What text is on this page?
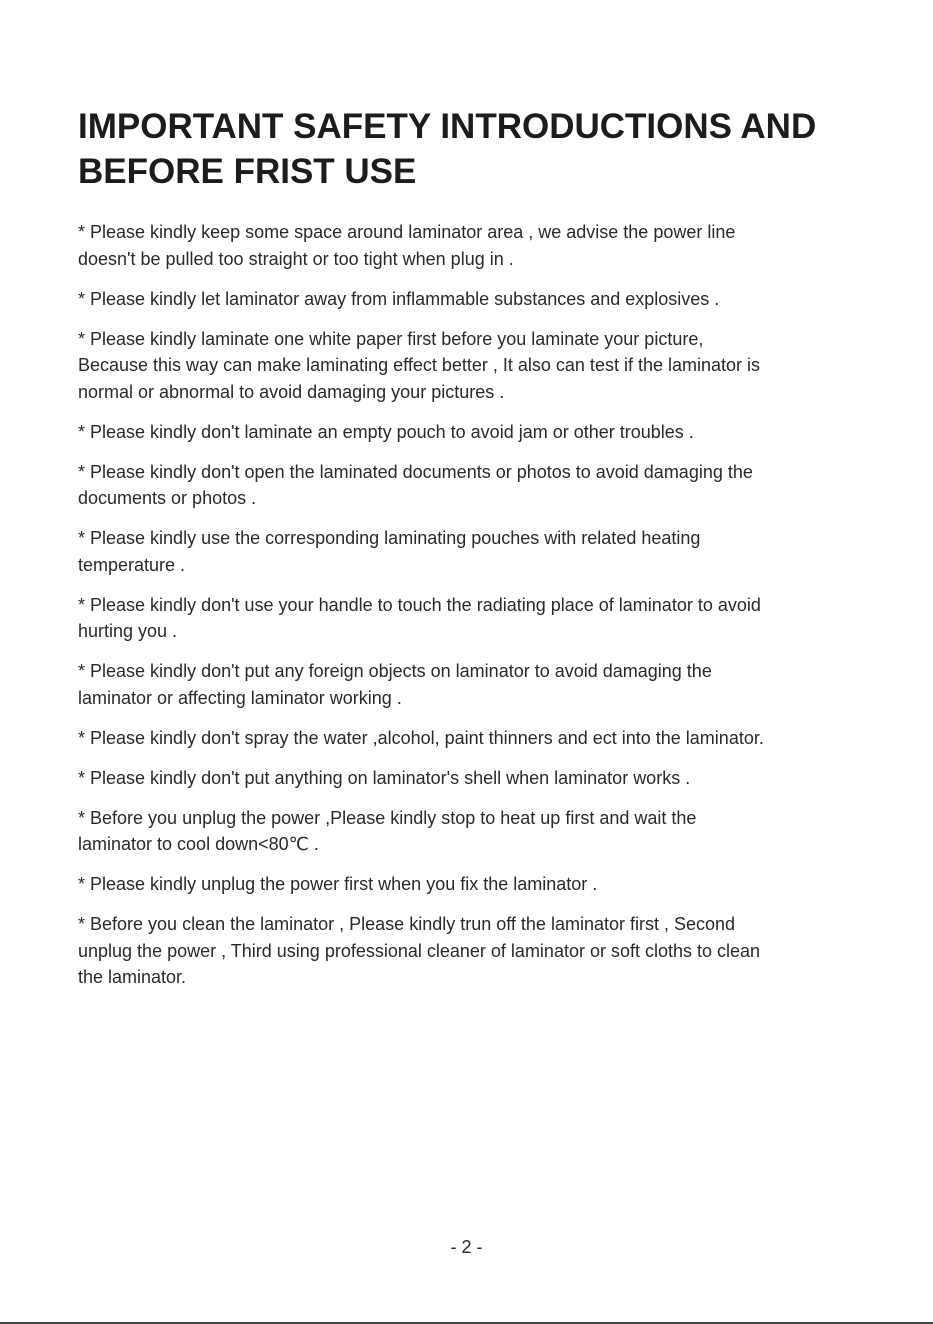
IMPORTANT SAFETY INTRODUCTIONS AND
BEFORE FRIST USE
* Please kindly keep some space around laminator area , we advise the power line
doesn't be pulled too straight or too tight when plug in .
* Please kindly let laminator away from inflammable substances and explosives .
* Please kindly laminate one white paper first before you laminate your picture,
Because this way can make laminating effect better , It also can test if the laminator is
normal or abnormal to avoid damaging your pictures .
* Please kindly don't laminate an empty pouch to avoid jam or other troubles .
* Please kindly don't open the laminated documents or photos to avoid damaging the
documents or photos .
* Please kindly use the corresponding laminating pouches with related heating
temperature .
* Please kindly don't use your handle to touch the radiating place of laminator to avoid
hurting you .
* Please kindly don't put any foreign objects on laminator to avoid damaging the
laminator or affecting laminator working .
* Please kindly don't spray the water ,alcohol, paint thinners and ect into the laminator.
* Please kindly don't put anything on laminator's shell when laminator works .
* Before you unplug the power ,Please kindly stop to heat up first and wait the
laminator to cool down<80℃ .
* Please kindly unplug the power first when you fix the laminator .
* Before you clean the laminator , Please kindly trun off the laminator first , Second
unplug the power , Third using professional cleaner of laminator or soft cloths to clean
the laminator.
- 2 -
